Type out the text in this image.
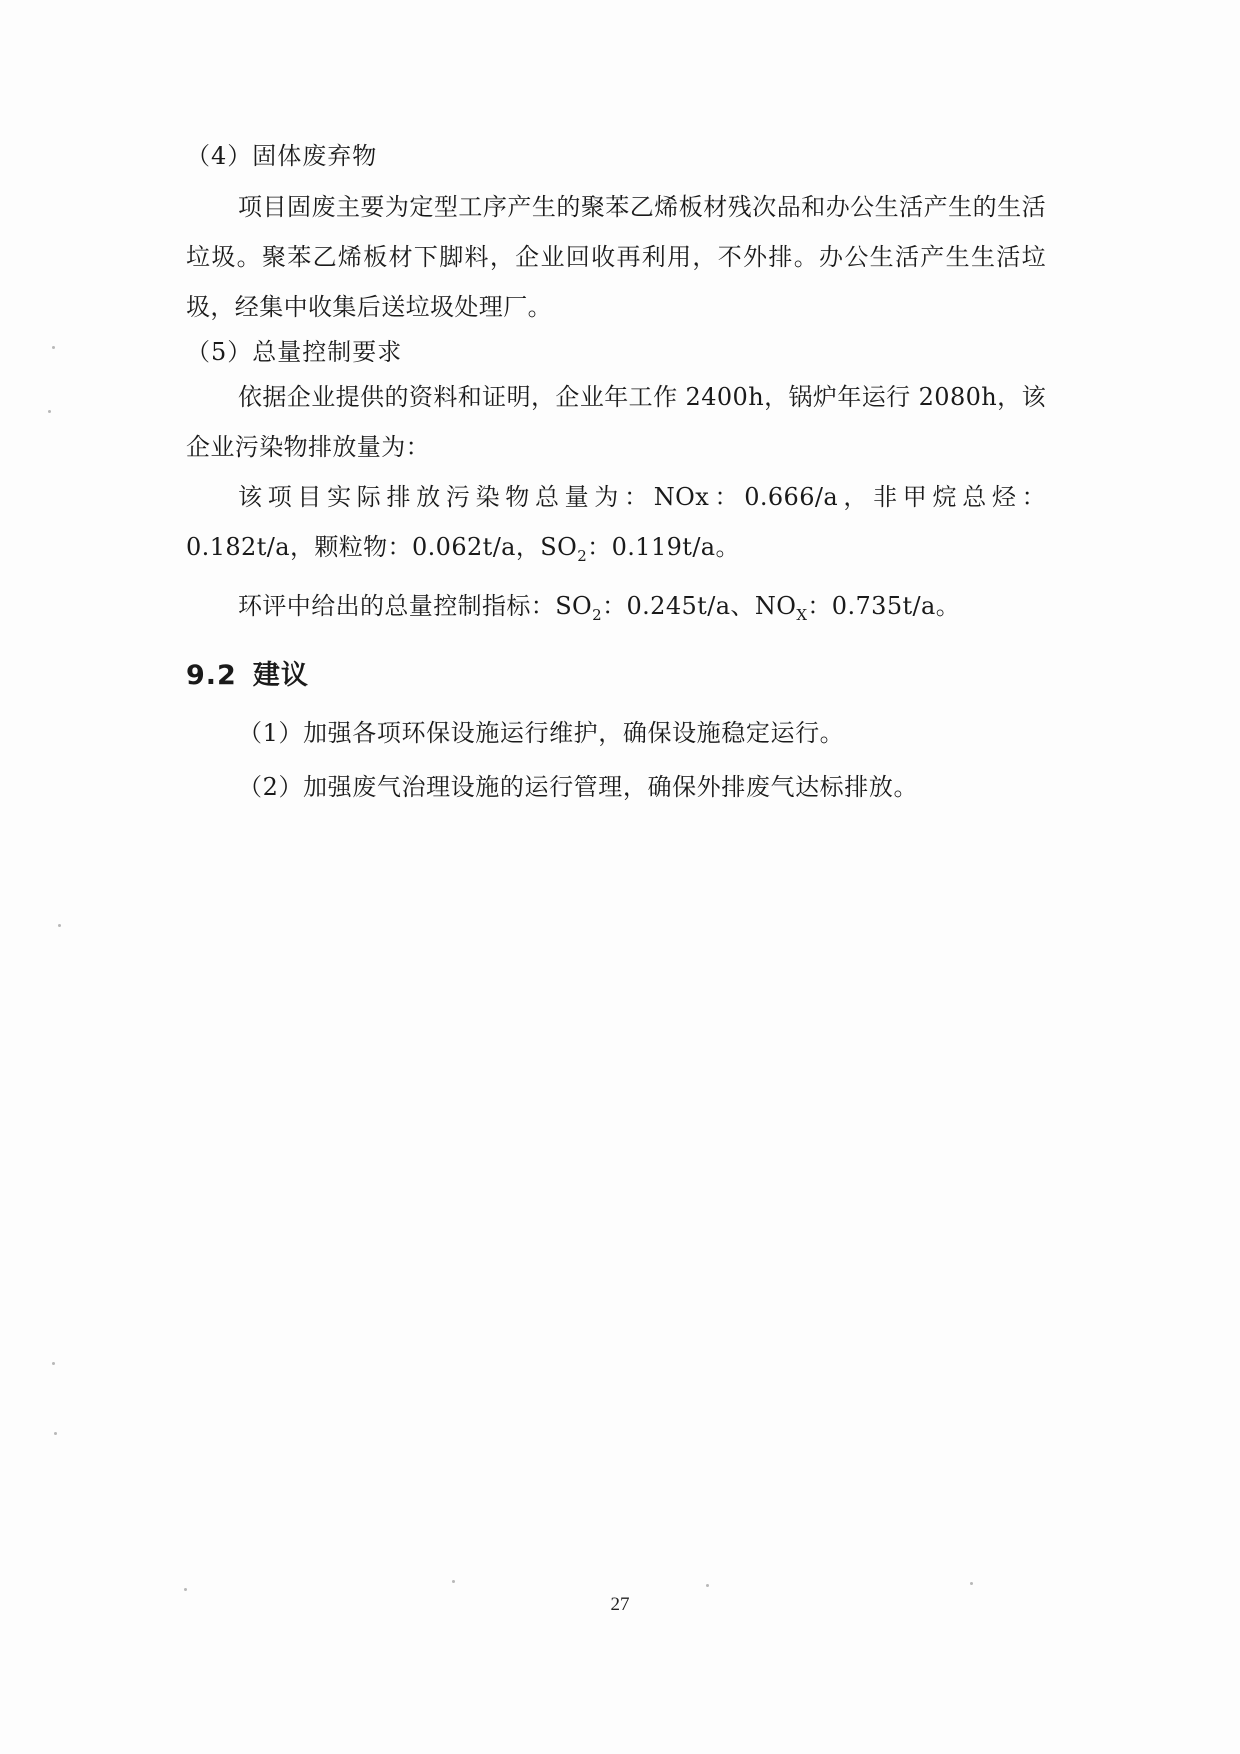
（4）固体废弃物

项目固废主要为定型工序产生的聚苯乙烯板材残次品和办公生活产生的生活垃圾。聚苯乙烯板材下脚料，企业回收再利用，不外排。办公生活产生生活垃圾，经集中收集后送垃圾处理厂。

（5）总量控制要求

依据企业提供的资料和证明，企业年工作 2400h，锅炉年运行 2080h，该企业污染物排放量为：

该项目实际排放污染物总量为：NOx：0.666/a，非甲烷总烃：0.182t/a，颗粒物：0.062t/a，$SO_2$：0.119t/a。

环评中给出的总量控制指标：$SO_2$：0.245t/a、$NO_X$：0.735t/a。

9.2 建议

（1）加强各项环保设施运行维护，确保设施稳定运行。

（2）加强废气治理设施的运行管理，确保外排废气达标排放。

27
